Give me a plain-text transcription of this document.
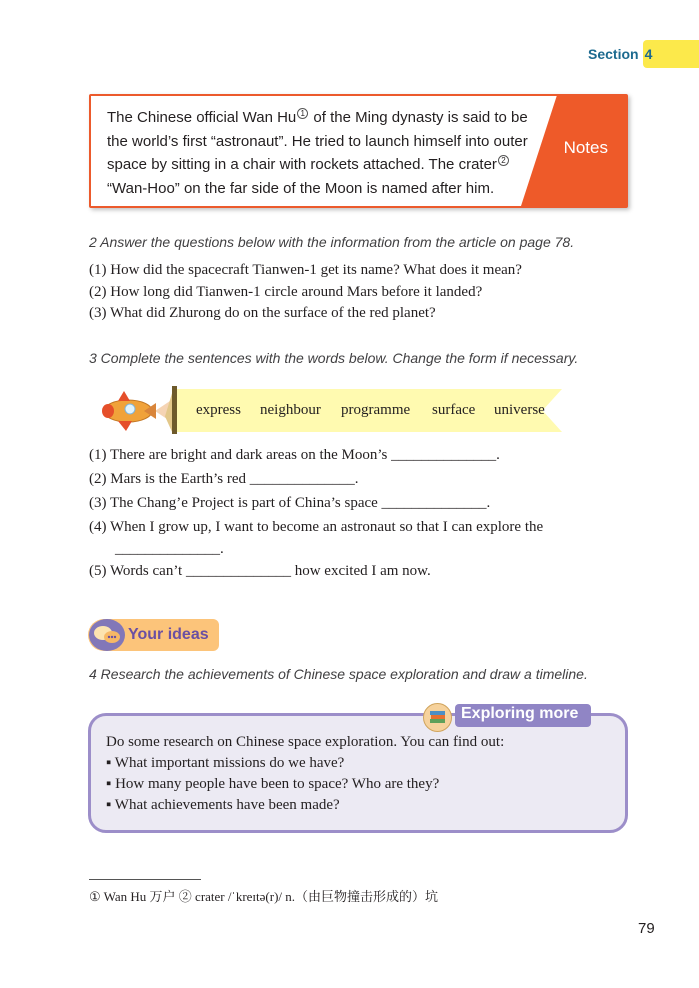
Section 4
The Chinese official Wan Hu 1 of the Ming dynasty is said to be
the world’s first “astronaut”. He tried to launch himself into outer
space by sitting in a chair with rockets attached. The crater 2
“Wan-Hoo” on the far side of the Moon is named after him.
Notes
2 Answer the questions below with the information from the article on page 78.
(1) How did the spacecraft Tianwen-1 get its name? What does it mean?
(2) How long did Tianwen-1 circle around Mars before it landed?
(3) What did Zhurong do on the surface of the red planet?
3 Complete the sentences with the words below. Change the form if necessary.
express neighbour programme surface universe
(1) There are bright and dark areas on the Moon’s ______________.
(2) Mars is the Earth’s red ______________.
(3) The Chang’e Project is part of China’s space ______________.
(4) When I grow up, I want to become an astronaut so that I can explore the
______________.
(5) Words can’t ______________ how excited I am now.
Your ideas
4 Research the achievements of Chinese space exploration and draw a timeline.
Exploring more
Do some research on Chinese space exploration. You can find out:
▪ What important missions do we have?
▪ How many people have been to space? Who are they?
▪ What achievements have been made?
① Wan Hu 万户 ② crater /ˈkreɪtə(r)/ n.（由巨物撞击形成的）坑
79
